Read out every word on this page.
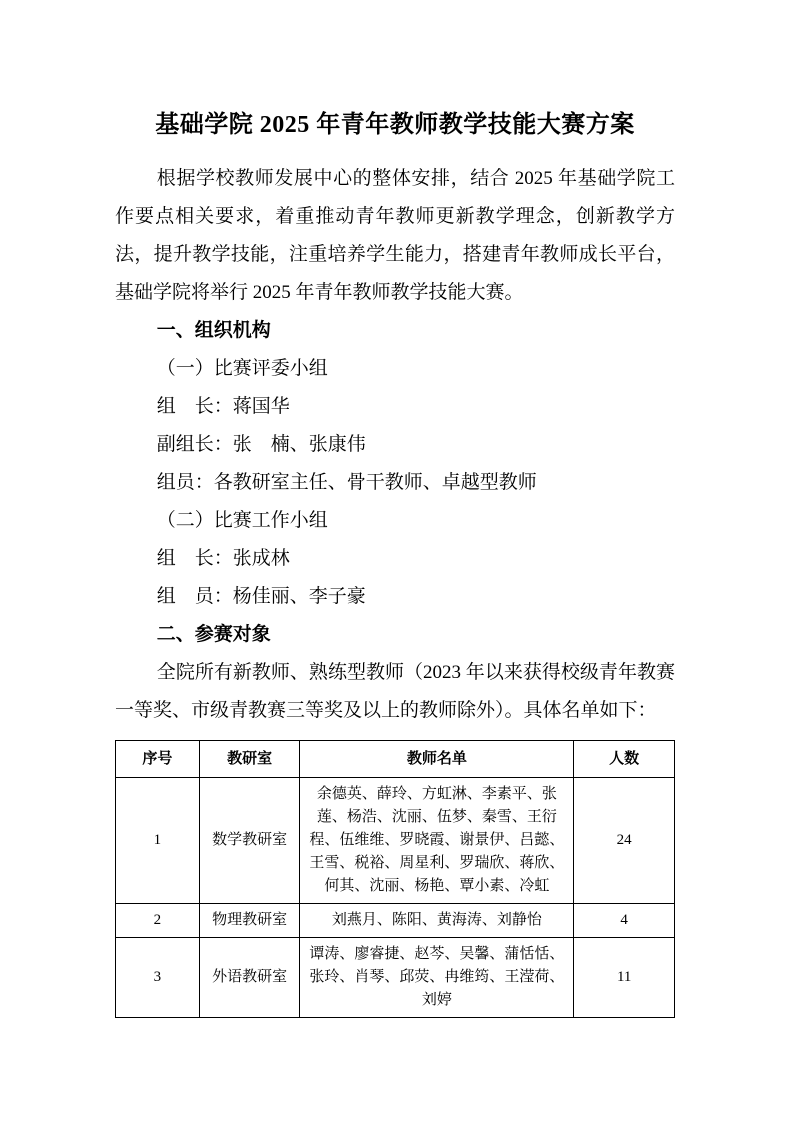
基础学院 2025 年青年教师教学技能大赛方案

根据学校教师发展中心的整体安排，结合 2025 年基础学院工作要点相关要求，着重推动青年教师更新教学理念，创新教学方法，提升教学技能，注重培养学生能力，搭建青年教师成长平台，基础学院将举行 2025 年青年教师教学技能大赛。

一、组织机构

（一）比赛评委小组

组　长：蒋国华

副组长：张　楠、张康伟

组员：各教研室主任、骨干教师、卓越型教师

（二）比赛工作小组

组　长：张成林

组　员：杨佳丽、李子豪

二、参赛对象

全院所有新教师、熟练型教师（2023 年以来获得校级青年教赛一等奖、市级青教赛三等奖及以上的教师除外）。具体名单如下：

序号	教研室	教师名单	人数
1	数学教研室	余德英、薛玲、方虹淋、李素平、张莲、杨浩、沈丽、伍梦、秦雪、王衍程、伍维维、罗晓霞、谢景伊、吕懿、王雪、税裕、周星利、罗瑞欣、蒋欣、何其、沈丽、杨艳、覃小素、冷虹	24
2	物理教研室	刘燕月、陈阳、黄海涛、刘静怡	4
3	外语教研室	谭涛、廖睿捷、赵芩、吴馨、蒲恬恬、张玲、肖琴、邱荧、冉维筠、王滢荷、刘婷	11
